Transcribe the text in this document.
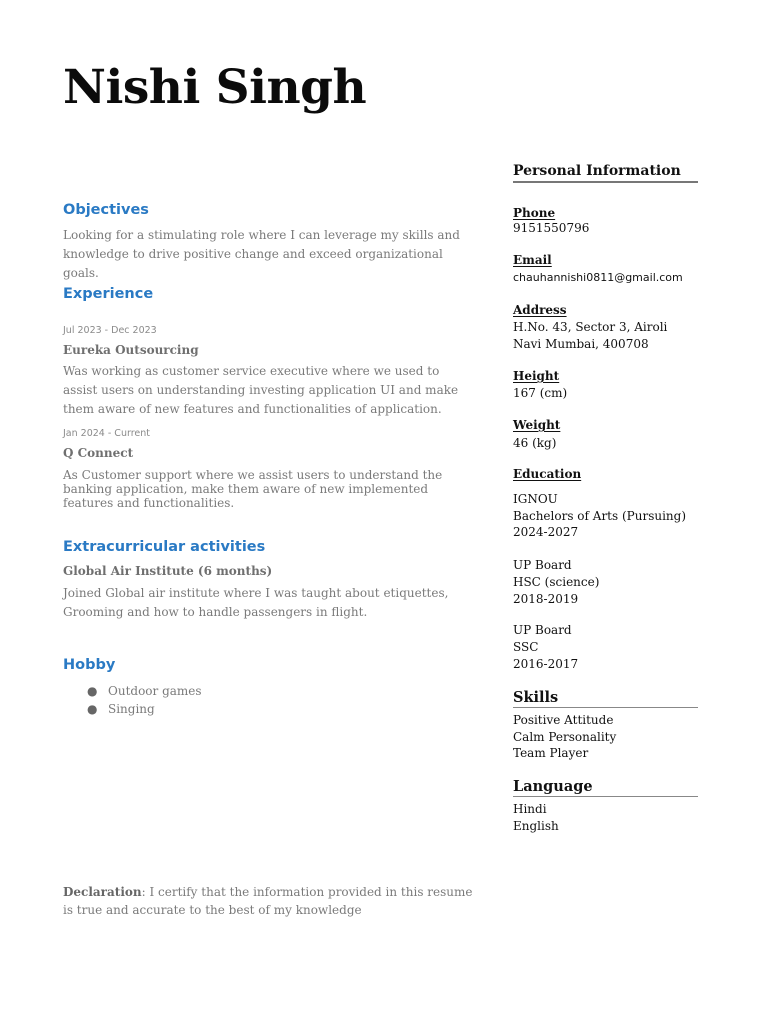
Nishi Singh
Objectives

Looking for a stimulating role where I can leverage my skills and knowledge to drive positive change and exceed organizational goals.

Experience
Jul 2023 - Dec 2023
Eureka Outsourcing

Was working as customer service executive where we used to assist users on understanding investing application UI and make them aware of new features and functionalities of application.

Jan 2024 - Current
Q Connect

As Customer support where we assist users to understand the banking application, make them aware of new implemented features and functionalities.

Extracurricular activities
Global Air Institute (6 months)

Joined Global air institute where I was taught about etiquettes, Grooming and how to handle passengers in flight.

Hobby
● Outdoor games
● Singing

Declaration: I certify that the information provided in this resume is true and accurate to the best of my knowledge

Personal Information
Phone
9151550796
Email
chauhannishi0811@gmail.com
Address
H.No. 43, Sector 3, Airoli
Navi Mumbai, 400708
Height
167 (cm)
Weight
46 (kg)
Education
IGNOU
Bachelors of Arts (Pursuing)
2024-2027
UP Board
HSC (science)
2018-2019
UP Board
SSC
2016-2017
Skills
Positive Attitude
Calm Personality
Team Player
Language
Hindi
English
